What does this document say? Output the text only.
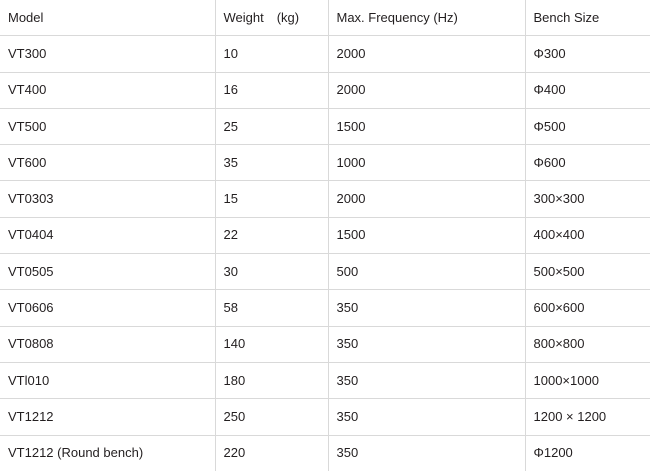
Model	Weight (kg)	Max. Frequency (Hz)	Bench Size
VT300	10	2000	Φ300
VT400	16	2000	Φ400
VT500	25	1500	Φ500
VT600	35	1000	Φ600
VT0303	15	2000	300×300
VT0404	22	1500	400×400
VT0505	30	500	500×500
VT0606	58	350	600×600
VT0808	140	350	800×800
VTl010	180	350	1000×1000
VT1212	250	350	1200 × 1200
VT1212 (Round bench)	220	350	Φ1200
